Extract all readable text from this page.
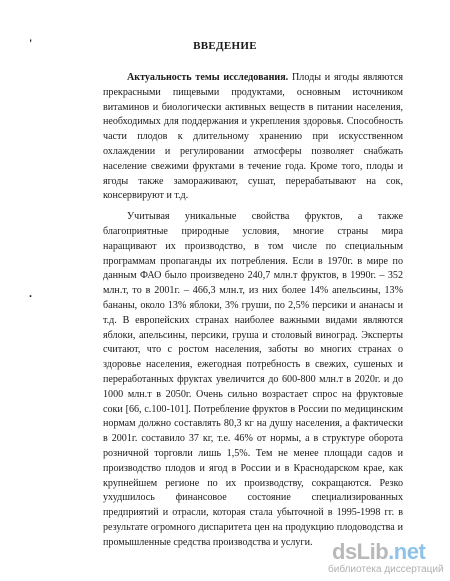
'
.
ВВЕДЕНИЕ

Актуальность темы исследования. Плоды и ягоды являются прекрасными пищевыми продуктами, основным источником витаминов и биологически активных веществ в питании населения, необходимых для поддержания и укрепления здоровья. Способность части плодов к длительному хранению при искусственном охлаждении и регулировании атмосферы позволяет снабжать население свежими фруктами в течение года. Кроме того, плоды и ягоды также замораживают, сушат, перерабатывают на сок, консервируют и т.д.

Учитывая уникальные свойства фруктов, а также благоприятные природные условия, многие страны мира наращивают их производство, в том числе по специальным программам пропаганды их потребления. Если в 1970г. в мире по данным ФАО было произведено 240,7 млн.т фруктов, в 1990г. – 352 млн.т, то в 2001г. – 466,3 млн.т, из них более 14% апельсины, 13% бананы, около 13% яблоки, 3% груши, по 2,5% персики и ананасы и т.д. В европейских странах наиболее важными видами являются яблоки, апельсины, персики, груша и столовый виноград. Эксперты считают, что с ростом населения, заботы во многих странах о здоровье населения, ежегодная потребность в свежих, сушеных и переработанных фруктах увеличится до 600-800 млн.т в 2020г. и до 1000 млн.т в 2050г. Очень сильно возрастает спрос на фруктовые соки [66, с.100-101]. Потребление фруктов в России по медицинским нормам должно составлять 80,3 кг на душу населения, а фактически в 2001г. составило 37 кг, т.е. 46% от нормы, а в структуре оборота розничной торговли лишь 1,5%. Тем не менее площади садов и производство плодов и ягод в России и в Краснодарском крае, как крупнейшем регионе по их производству, сокращаются. Резко ухудшилось финансовое состояние специализированных предприятий и отрасли, которая стала убыточной в 1995-1998 гг. в результате огромного диспаритета цен на продукцию плодоводства и промышленные средства производства и услуги. dsLib.net
библиотека диссертаций
